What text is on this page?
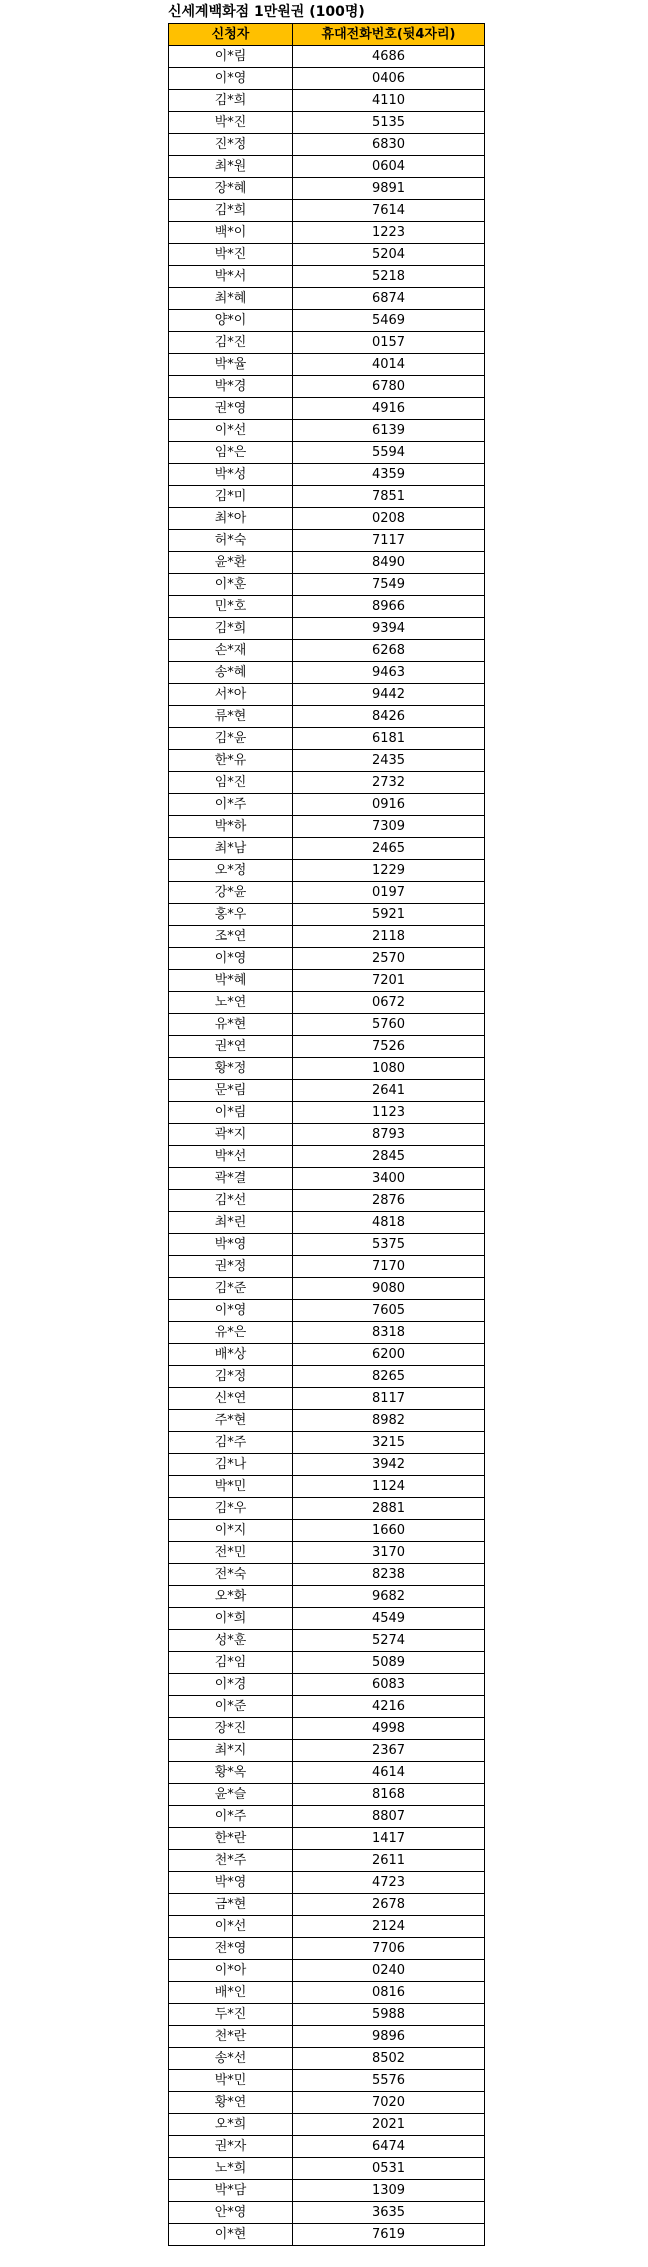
신세계백화점 1만원권 (100명)
신청자	휴대전화번호(뒷4자리)
이*림	4686
이*영	0406
김*희	4110
박*진	5135
진*정	6830
최*원	0604
장*혜	9891
김*희	7614
백*이	1223
박*진	5204
박*서	5218
최*혜	6874
양*이	5469
김*진	0157
박*율	4014
박*경	6780
권*영	4916
이*선	6139
임*은	5594
박*성	4359
김*미	7851
최*아	0208
허*숙	7117
윤*환	8490
이*훈	7549
민*호	8966
김*희	9394
손*재	6268
송*혜	9463
서*아	9442
류*현	8426
김*윤	6181
한*유	2435
임*진	2732
이*주	0916
박*하	7309
최*남	2465
오*정	1229
강*윤	0197
홍*우	5921
조*연	2118
이*영	2570
박*혜	7201
노*연	0672
유*현	5760
권*연	7526
황*정	1080
문*림	2641
이*림	1123
곽*지	8793
박*선	2845
곽*결	3400
김*선	2876
최*린	4818
박*영	5375
권*정	7170
김*준	9080
이*영	7605
유*은	8318
배*상	6200
김*정	8265
신*연	8117
주*현	8982
김*주	3215
김*나	3942
박*민	1124
김*우	2881
이*지	1660
전*민	3170
전*숙	8238
오*화	9682
이*희	4549
성*훈	5274
김*임	5089
이*경	6083
이*준	4216
장*진	4998
최*지	2367
황*옥	4614
윤*슬	8168
이*주	8807
한*란	1417
천*주	2611
박*영	4723
금*현	2678
이*선	2124
전*영	7706
이*아	0240
배*인	0816
두*진	5988
천*란	9896
송*선	8502
박*민	5576
황*연	7020
오*희	2021
권*자	6474
노*희	0531
박*담	1309
안*영	3635
이*현	7619
